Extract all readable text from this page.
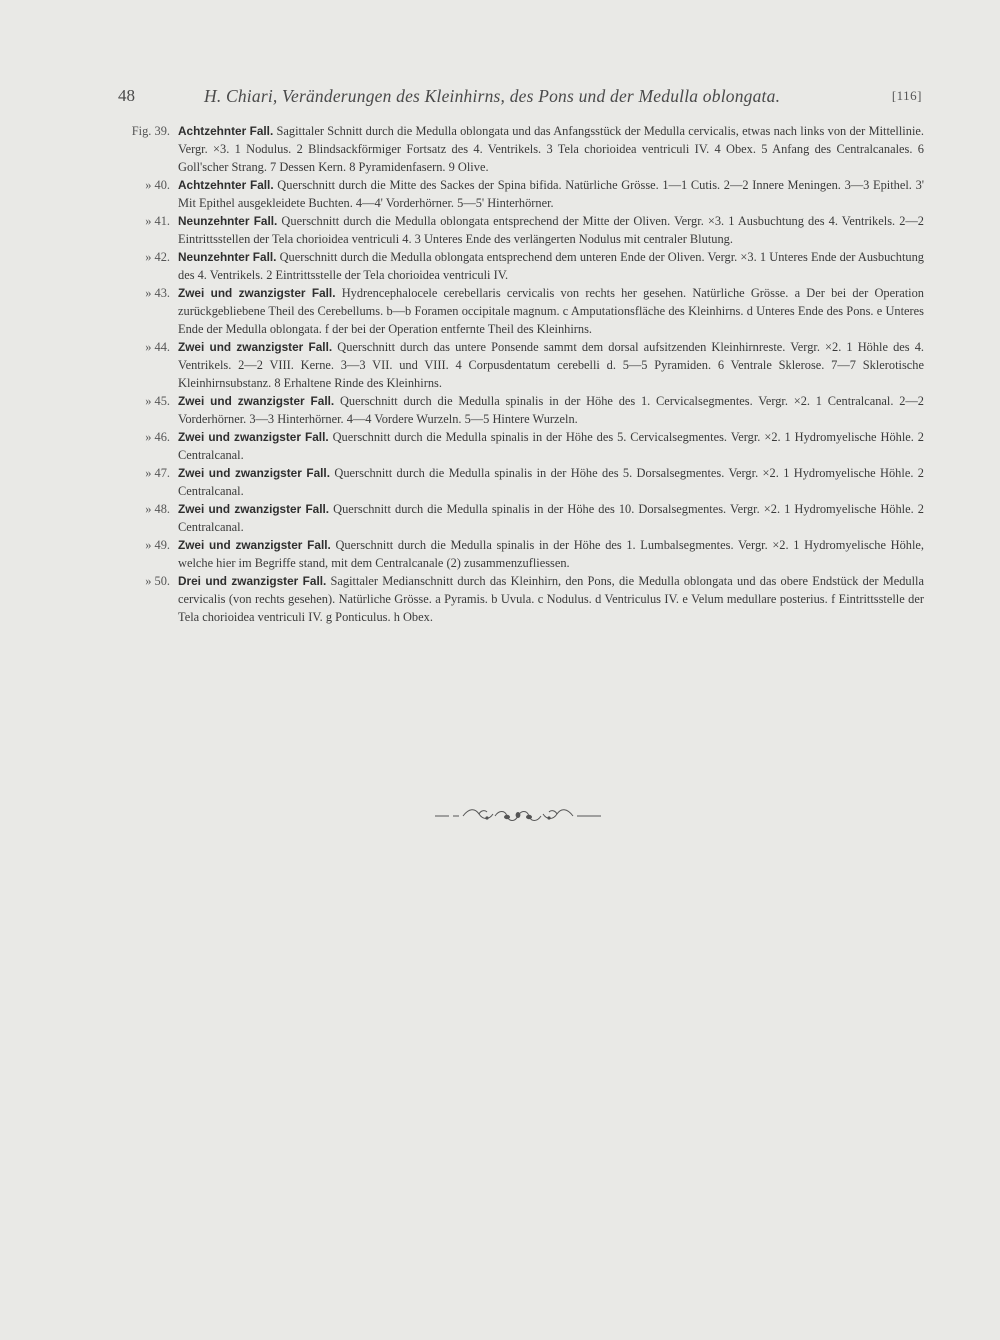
48	H. Chiari, Veränderungen des Kleinhirns, des Pons und der Medulla oblongata.	[116]
Fig. 39. Achtzehnter Fall. Sagittaler Schnitt durch die Medulla oblongata und das Anfangsstück der Medulla cervicalis, etwas nach links von der Mittellinie. Vergr. ×3. 1 Nodulus. 2 Blindsackförmiger Fortsatz des 4. Ventrikels. 3 Tela chorioidea ventriculi IV. 4 Obex. 5 Anfang des Centralcanales. 6 Goll'scher Strang. 7 Dessen Kern. 8 Pyramidenfasern. 9 Olive.
» 40. Achtzehnter Fall. Querschnitt durch die Mitte des Sackes der Spina bifida. Natürliche Grösse. 1—1 Cutis. 2—2 Innere Meningen. 3—3 Epithel. 3' Mit Epithel ausgekleidete Buchten. 4—4' Vorderhörner. 5—5' Hinterhörner.
» 41. Neunzehnter Fall. Querschnitt durch die Medulla oblongata entsprechend der Mitte der Oliven. Vergr. ×3. 1 Ausbuchtung des 4. Ventrikels. 2—2 Eintrittsstellen der Tela chorioidea ventriculi 4. 3 Unteres Ende des verlängerten Nodulus mit centraler Blutung.
» 42. Neunzehnter Fall. Querschnitt durch die Medulla oblongata entsprechend dem unteren Ende der Oliven. Vergr. ×3. 1 Unteres Ende der Ausbuchtung des 4. Ventrikels. 2 Eintrittsstelle der Tela chorioidea ventriculi IV.
» 43. Zwei und zwanzigster Fall. Hydrencephalocele cerebellaris cervicalis von rechts her gesehen. Natürliche Grösse. a Der bei der Operation zurückgebliebene Theil des Cerebellums. b—b Foramen occipitale magnum. c Amputationsfläche des Kleinhirns. d Unteres Ende des Pons. e Unteres Ende der Medulla oblongata. f der bei der Operation entfernte Theil des Kleinhirns.
» 44. Zwei und zwanzigster Fall. Querschnitt durch das untere Ponsende sammt dem dorsal aufsitzenden Kleinhirnreste. Vergr. ×2. 1 Höhle des 4. Ventrikels. 2—2 VIII. Kerne. 3—3 VII. und VIII. 4 Corpusdentatum cerebelli d. 5—5 Pyramiden. 6 Ventrale Sklerose. 7—7 Sklerotische Kleinhirnsubstanz. 8 Erhaltene Rinde des Kleinhirns.
» 45. Zwei und zwanzigster Fall. Querschnitt durch die Medulla spinalis in der Höhe des 1. Cervicalsegmentes. Vergr. ×2. 1 Centralcanal. 2—2 Vorderhörner. 3—3 Hinterhörner. 4—4 Vordere Wurzeln. 5—5 Hintere Wurzeln.
» 46. Zwei und zwanzigster Fall. Querschnitt durch die Medulla spinalis in der Höhe des 5. Cervicalsegmentes. Vergr. ×2. 1 Hydromyelische Höhle. 2 Centralcanal.
» 47. Zwei und zwanzigster Fall. Querschnitt durch die Medulla spinalis in der Höhe des 5. Dorsalsegmentes. Vergr. ×2. 1 Hydromyelische Höhle. 2 Centralcanal.
» 48. Zwei und zwanzigster Fall. Querschnitt durch die Medulla spinalis in der Höhe des 10. Dorsalsegmentes. Vergr. ×2. 1 Hydromyelische Höhle. 2 Centralcanal.
» 49. Zwei und zwanzigster Fall. Querschnitt durch die Medulla spinalis in der Höhe des 1. Lumbalsegmentes. Vergr. ×2. 1 Hydromyelische Höhle, welche hier im Begriffe stand, mit dem Centralcanale (2) zusammenzufliessen.
» 50. Drei und zwanzigster Fall. Sagittaler Medianschnitt durch das Kleinhirn, den Pons, die Medulla oblongata und das obere Endstück der Medulla cervicalis (von rechts gesehen). Natürliche Grösse. a Pyramis. b Uvula. c Nodulus. d Ventriculus IV. e Velum medullare posterius. f Eintrittsstelle der Tela chorioidea ventriculi IV. g Ponticulus. h Obex.
